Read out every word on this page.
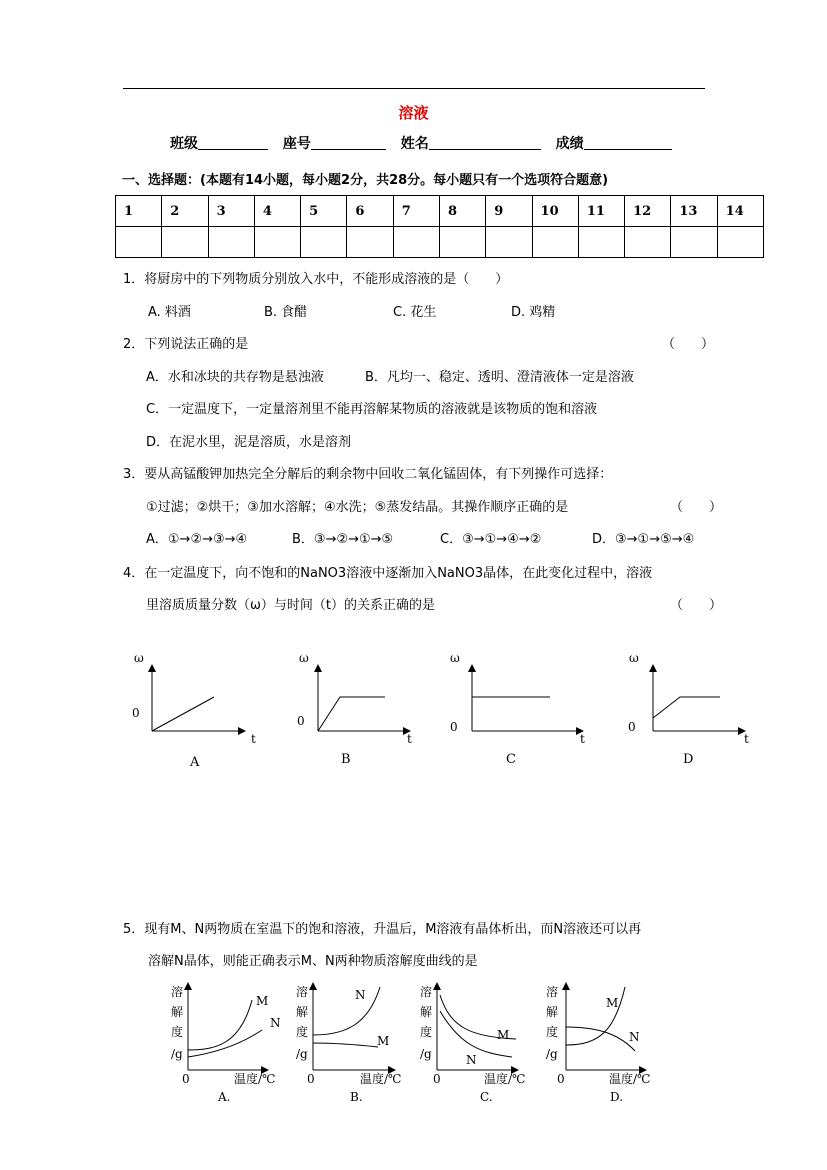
溶液
班级	座号	姓名	成绩
一、选择题：(本题有14小题，每小题2分，共28分。每小题只有一个选项符合题意)
1	2	3	4	5	6	7	8	9	10	11	12	13	14

1．将厨房中的下列物质分别放入水中，不能形成溶液的是（　　）
A. 料酒	B. 食醋	C. 花生	D. 鸡精
2．下列说法正确的是	（　　）
A．水和冰块的共存物是悬浊液	B．凡均一、稳定、透明、澄清液体一定是溶液
C．一定温度下，一定量溶剂里不能再溶解某物质的溶液就是该物质的饱和溶液
D．在泥水里，泥是溶质，水是溶剂
3．要从高锰酸钾加热完全分解后的剩余物中回收二氧化锰固体，有下列操作可选择：
①过滤；②烘干；③加水溶解；④水洗；⑤蒸发结晶。其操作顺序正确的是	（　　）
A．①→②→③→④	B．③→②→①→⑤	C．③→①→④→②	D．③→①→⑤→④
4．在一定温度下，向不饱和的NaNO3溶液中逐渐加入NaNO3晶体，在此变化过程中，溶液
里溶质质量分数（ω）与时间（t）的关系正确的是	（　　）
ω
0
t
A
ω
0
t
B
ω
0
t
C
ω
0
t
D
5．现有M、N两物质在室温下的饱和溶液，升温后，M溶液有晶体析出，而N溶液还可以再
溶解N晶体，则能正确表示M、N两种物质溶解度曲线的是
溶
解
度
/g
M
N
0	温度/℃
A.
溶
解
度
/g
N
M
0	温度/℃
B.
溶
解
度
/g
M
N
0	温度/℃
C.
溶
解
度
/g
M
N
0	温度/℃
D.
